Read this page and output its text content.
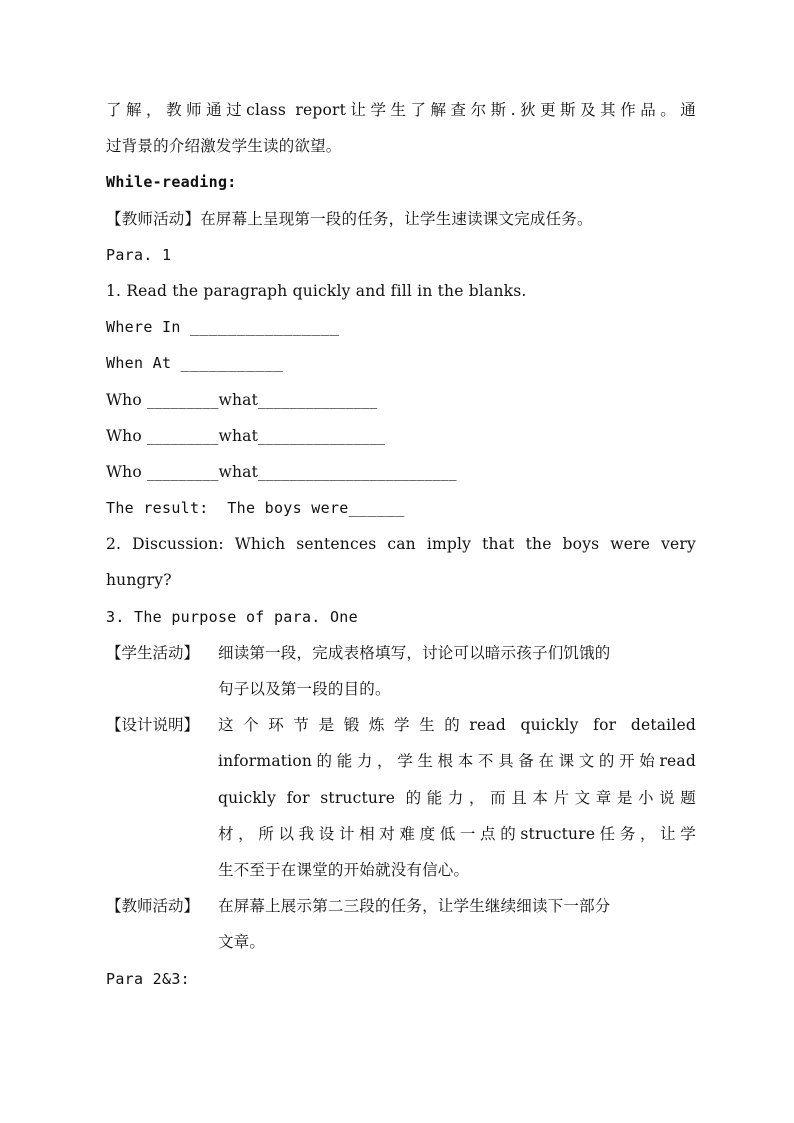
了解，教师通过class report让学生了解查尔斯.狄更斯及其作品。通
过背景的介绍激发学生读的欲望。
While-reading:
【教师活动】在屏幕上呈现第一段的任务，让学生速读课文完成任务。
Para. 1
1. Read the paragraph quickly and fill in the blanks.
Where In ________________
When At ___________
Who _________what_______________
Who _________what________________
Who _________what_________________________
The result:  The boys were______
2. Discussion: Which sentences can imply that the boys were very
hungry?
3. The purpose of para. One
【学生活动】	细读第一段，完成表格填写，讨论可以暗示孩子们饥饿的
句子以及第一段的目的。
【设计说明】	这个环节是锻炼学生的read quickly for detailed
information的能力，学生根本不具备在课文的开始read
quickly for structure 的能力，而且本片文章是小说题
材，所以我设计相对难度低一点的structure任务，让学
生不至于在课堂的开始就没有信心。
【教师活动】	在屏幕上展示第二三段的任务，让学生继续细读下一部分
文章。
Para 2&3:
